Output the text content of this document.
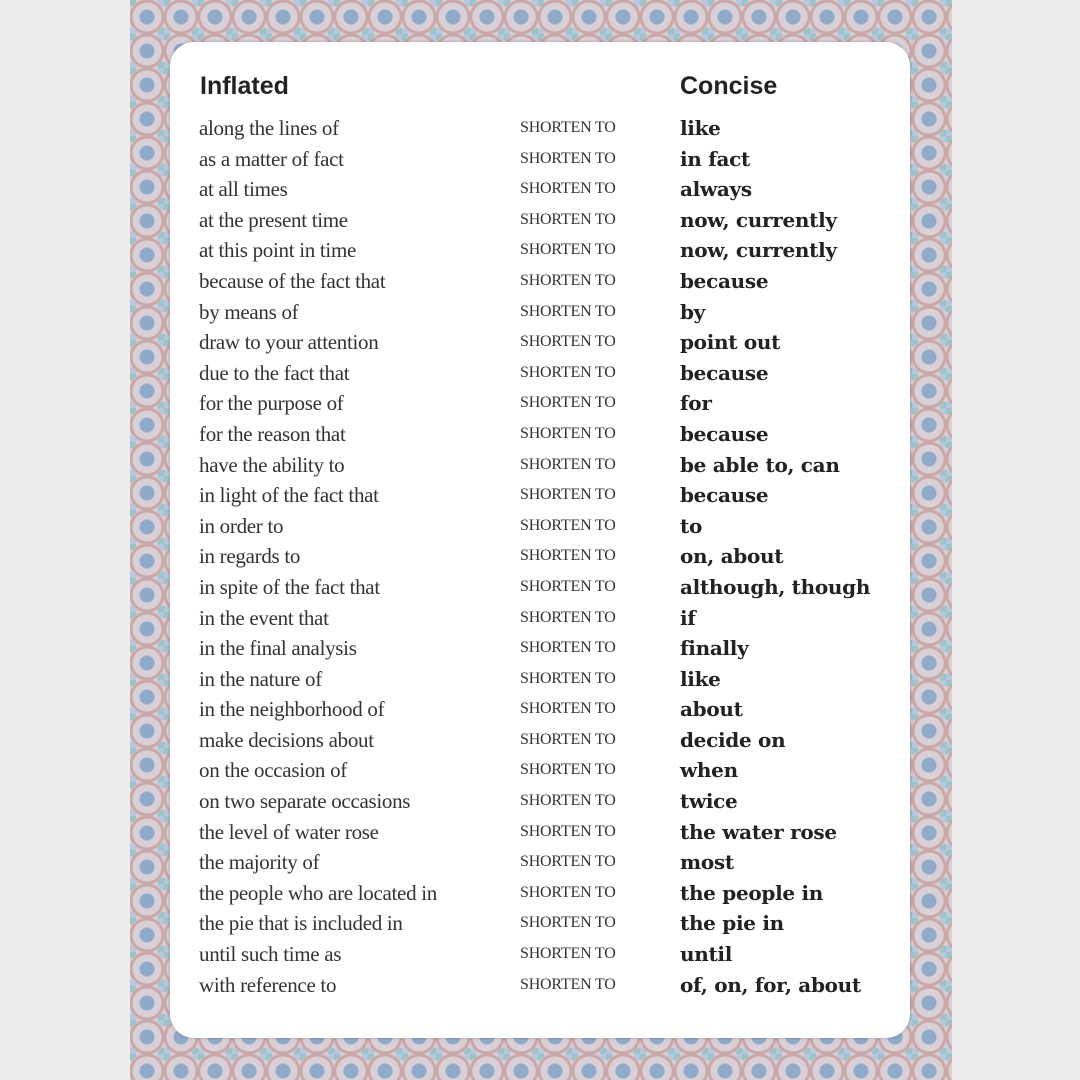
Inflated	Concise
along the lines of	SHORTEN TO	like
as a matter of fact	SHORTEN TO	in fact
at all times	SHORTEN TO	always
at the present time	SHORTEN TO	now, currently
at this point in time	SHORTEN TO	now, currently
because of the fact that	SHORTEN TO	because
by means of	SHORTEN TO	by
draw to your attention	SHORTEN TO	point out
due to the fact that	SHORTEN TO	because
for the purpose of	SHORTEN TO	for
for the reason that	SHORTEN TO	because
have the ability to	SHORTEN TO	be able to, can
in light of the fact that	SHORTEN TO	because
in order to	SHORTEN TO	to
in regards to	SHORTEN TO	on, about
in spite of the fact that	SHORTEN TO	although, though
in the event that	SHORTEN TO	if
in the final analysis	SHORTEN TO	finally
in the nature of	SHORTEN TO	like
in the neighborhood of	SHORTEN TO	about
make decisions about	SHORTEN TO	decide on
on the occasion of	SHORTEN TO	when
on two separate occasions	SHORTEN TO	twice
the level of water rose	SHORTEN TO	the water rose
the majority of	SHORTEN TO	most
the people who are located in	SHORTEN TO	the people in
the pie that is included in	SHORTEN TO	the pie in
until such time as	SHORTEN TO	until
with reference to	SHORTEN TO	of, on, for, about
